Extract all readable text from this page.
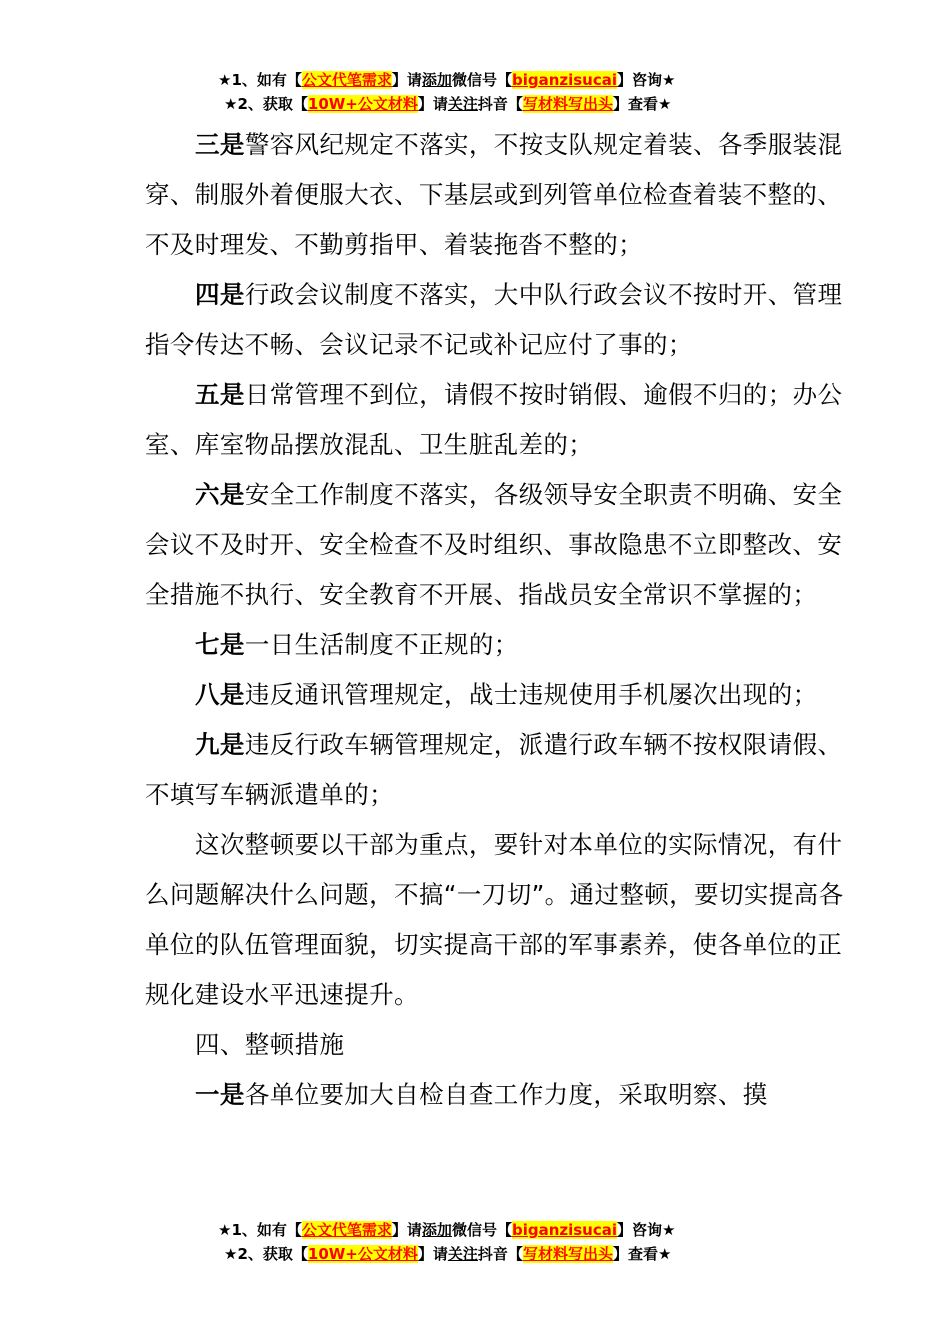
★1、如有【公文代笔需求】请添加微信号【biganzisucai】咨询★
★2、获取【10W+公文材料】请关注抖音【写材料写出头】查看★

三是警容风纪规定不落实，不按支队规定着装、各季服装混穿、制服外着便服大衣、下基层或到列管单位检查着装不整的、不及时理发、不勤剪指甲、着装拖沓不整的；

四是行政会议制度不落实，大中队行政会议不按时开、管理指令传达不畅、会议记录不记或补记应付了事的；

五是日常管理不到位，请假不按时销假、逾假不归的；办公室、库室物品摆放混乱、卫生脏乱差的；

六是安全工作制度不落实，各级领导安全职责不明确、安全会议不及时开、安全检查不及时组织、事故隐患不立即整改、安全措施不执行、安全教育不开展、指战员安全常识不掌握的；

七是一日生活制度不正规的；

八是违反通讯管理规定，战士违规使用手机屡次出现的；

九是违反行政车辆管理规定，派遣行政车辆不按权限请假、不填写车辆派遣单的；

这次整顿要以干部为重点，要针对本单位的实际情况，有什么问题解决什么问题，不搞“一刀切”。通过整顿，要切实提高各单位的队伍管理面貌，切实提高干部的军事素养，使各单位的正规化建设水平迅速提升。

四、整顿措施

一是各单位要加大自检自查工作力度，采取明察、摸

★1、如有【公文代笔需求】请添加微信号【biganzisucai】咨询★
★2、获取【10W+公文材料】请关注抖音【写材料写出头】查看★
